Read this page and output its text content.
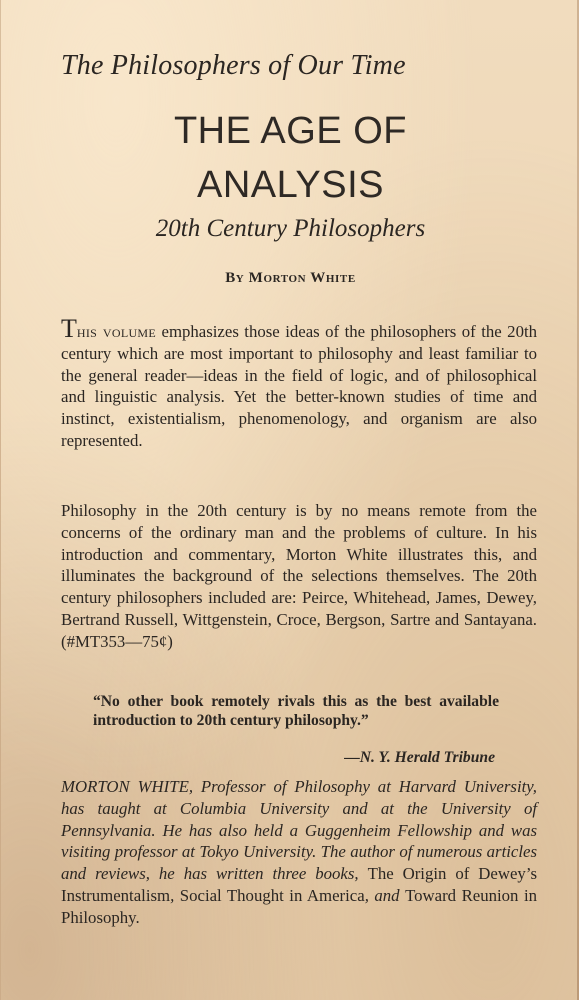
The Philosophers of Our Time
THE AGE OF
ANALYSIS
20th Century Philosophers
By Morton White

This volume emphasizes those ideas of the philosophers of the 20th century which are most important to philosophy and least familiar to the general reader—ideas in the field of logic, and of philosophical and linguistic analysis. Yet the better-known studies of time and instinct, existentialism, phenomenology, and organism are also represented.

Philosophy in the 20th century is by no means remote from the concerns of the ordinary man and the problems of culture. In his introduction and commentary, Morton White illustrates this, and illuminates the background of the selections themselves. The 20th century philosophers included are: Peirce, Whitehead, James, Dewey, Bertrand Russell, Wittgenstein, Croce, Bergson, Sartre and Santayana. (#MT353—75¢)

“No other book remotely rivals this as the best available introduction to 20th century philosophy.”

—N. Y. Herald Tribune

MORTON WHITE, Professor of Philosophy at Harvard University, has taught at Columbia University and at the University of Pennsylvania. He has also held a Guggenheim Fellowship and was visiting professor at Tokyo University. The author of numerous articles and reviews, he has written three books, The Origin of Dewey’s Instrumentalism, Social Thought in America, and Toward Reunion in Philosophy.
